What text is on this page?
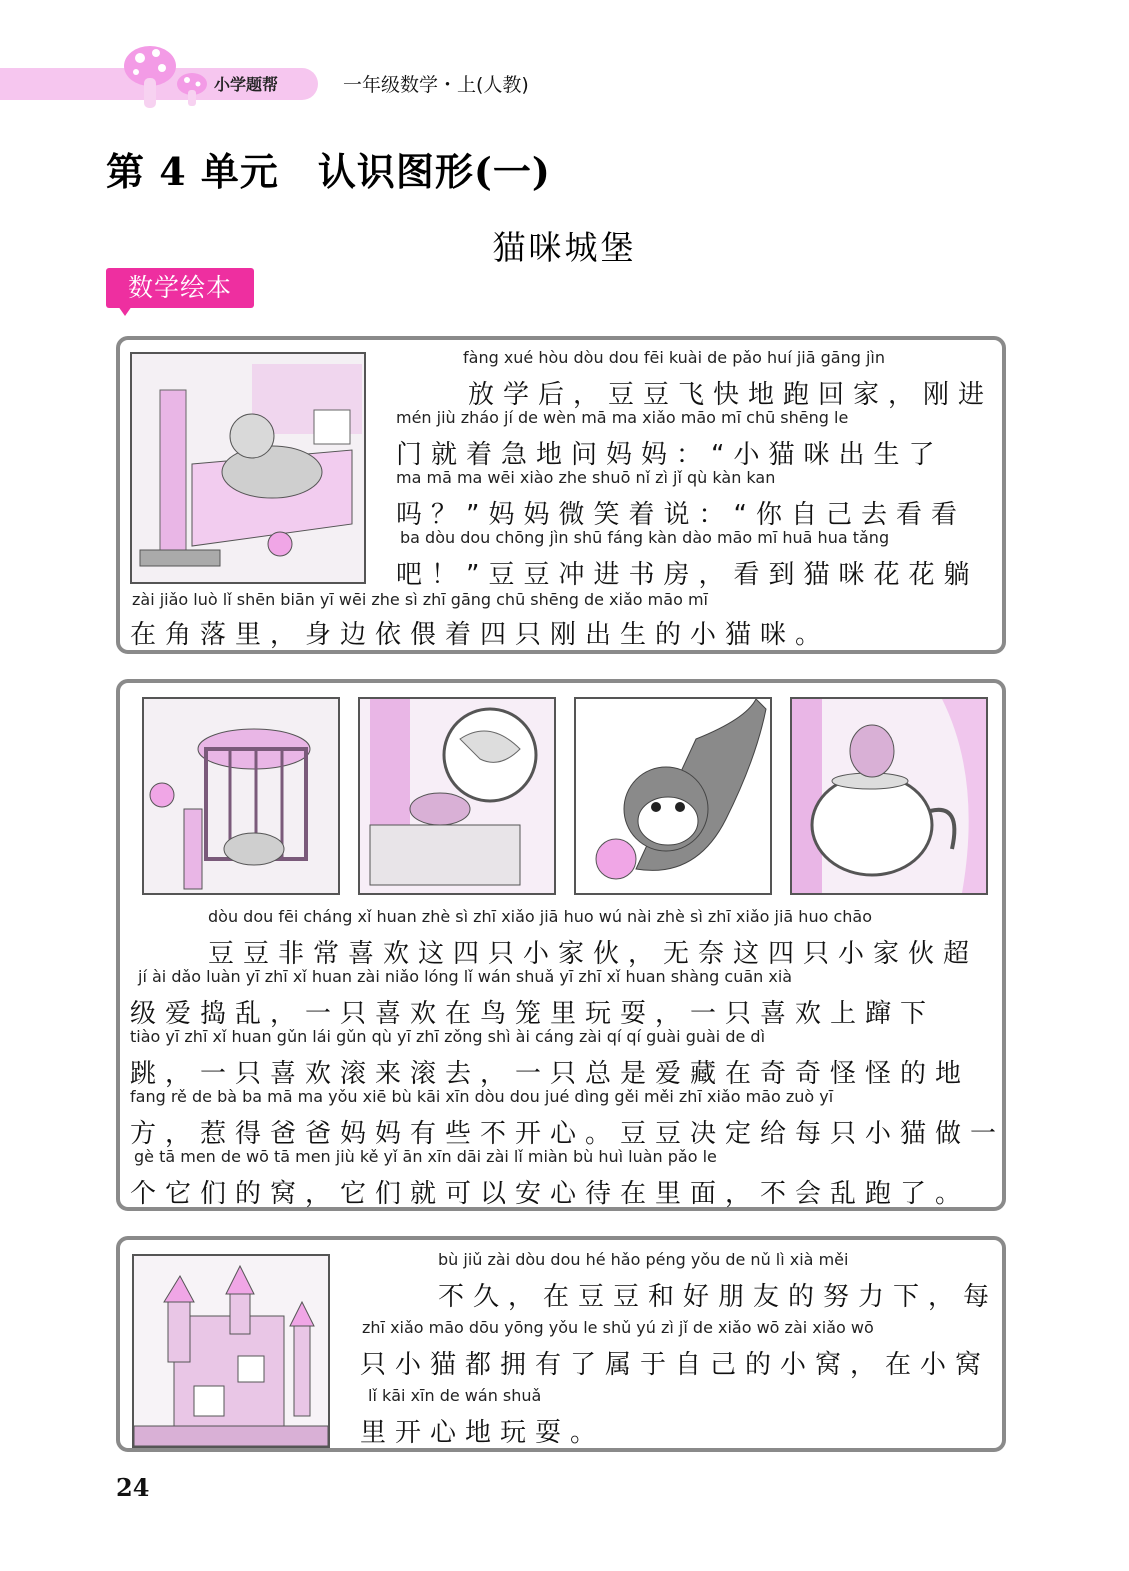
小学题帮	一年级数学・上(人教)
第 4 单元　认识图形(一)
猫咪城堡
数学绘本
fàng xué hòu dòu dou fēi kuài de pǎo huí jiā gāng jìn
放学后，豆豆飞快地跑回家，刚进
mén jiù zháo jí de wèn mā ma xiǎo māo mī chū shēng le
门就着急地问妈妈：“小猫咪出生了
ma mā ma wēi xiào zhe shuō nǐ zì jǐ qù kàn kan
吗？”妈妈微笑着说：“你自己去看看
ba dòu dou chōng jìn shū fáng kàn dào māo mī huā hua tǎng
吧！”豆豆冲进书房，看到猫咪花花躺
zài jiǎo luò lǐ shēn biān yī wēi zhe sì zhī gāng chū shēng de xiǎo māo mī
在角落里，身边依偎着四只刚出生的小猫咪。
dòu dou fēi cháng xǐ huan zhè sì zhī xiǎo jiā huo wú nài zhè sì zhī xiǎo jiā huo chāo
豆豆非常喜欢这四只小家伙，无奈这四只小家伙超
jí ài dǎo luàn yī zhī xǐ huan zài niǎo lóng lǐ wán shuǎ yī zhī xǐ huan shàng cuān xià
级爱捣乱，一只喜欢在鸟笼里玩耍，一只喜欢上蹿下
tiào yī zhī xǐ huan gǔn lái gǔn qù yī zhī zǒng shì ài cáng zài qí qí guài guài de dì
跳，一只喜欢滚来滚去，一只总是爱藏在奇奇怪怪的地
fang rě de bà ba mā ma yǒu xiē bù kāi xīn dòu dou jué dìng gěi měi zhī xiǎo māo zuò yī
方，惹得爸爸妈妈有些不开心。豆豆决定给每只小猫做一
gè tā men de wō tā men jiù kě yǐ ān xīn dāi zài lǐ miàn bù huì luàn pǎo le
个它们的窝，它们就可以安心待在里面，不会乱跑了。
bù jiǔ zài dòu dou hé hǎo péng yǒu de nǔ lì xià měi
不久，在豆豆和好朋友的努力下，每
zhī xiǎo māo dōu yōng yǒu le shǔ yú zì jǐ de xiǎo wō zài xiǎo wō
只小猫都拥有了属于自己的小窝，在小窝
lǐ kāi xīn de wán shuǎ
里开心地玩耍。
24
